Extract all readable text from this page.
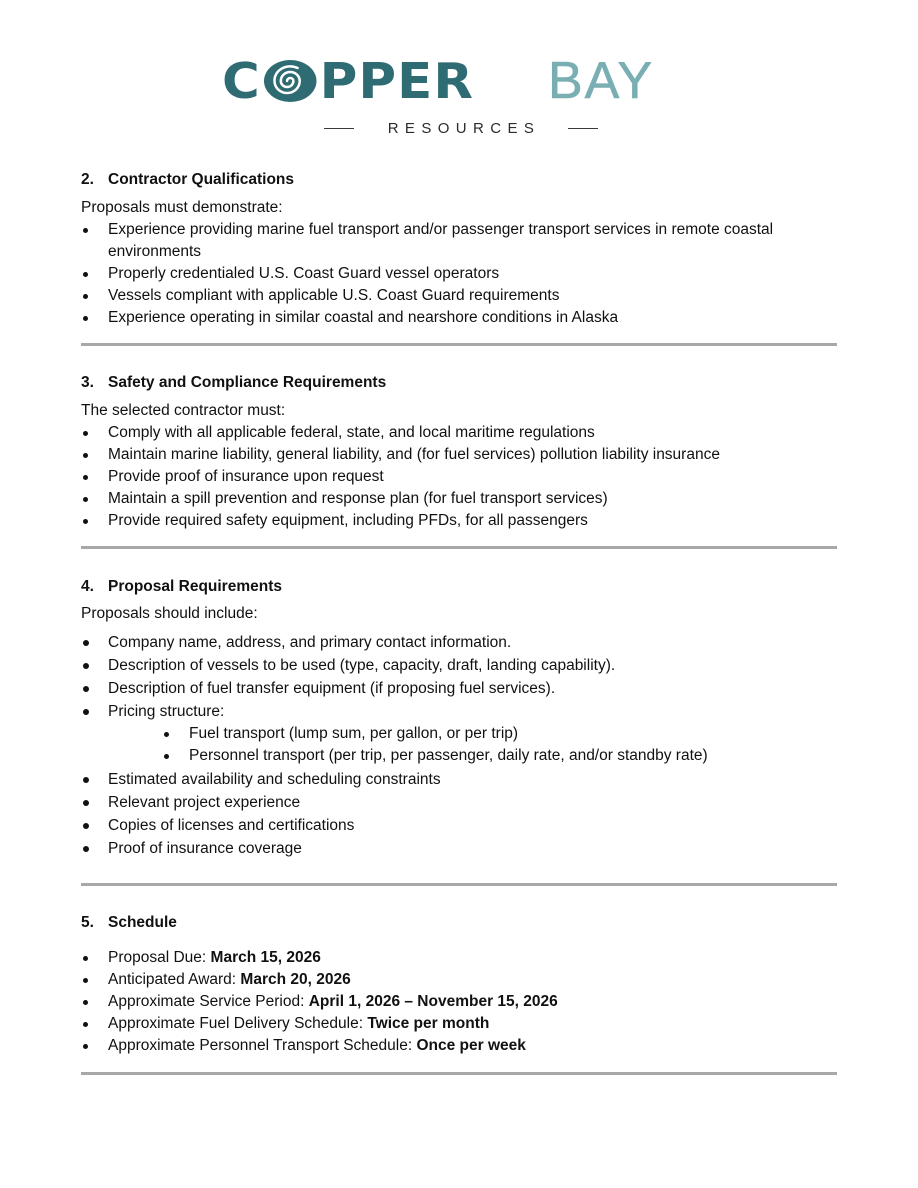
C PPER BAY
RESOURCES
2. Contractor Qualifications
Proposals must demonstrate:
Experience providing marine fuel transport and/or passenger transport services in remote coastal environments
Properly credentialed U.S. Coast Guard vessel operators
Vessels compliant with applicable U.S. Coast Guard requirements
Experience operating in similar coastal and nearshore conditions in Alaska
3. Safety and Compliance Requirements
The selected contractor must:
Comply with all applicable federal, state, and local maritime regulations
Maintain marine liability, general liability, and (for fuel services) pollution liability insurance
Provide proof of insurance upon request
Maintain a spill prevention and response plan (for fuel transport services)
Provide required safety equipment, including PFDs, for all passengers
4. Proposal Requirements
Proposals should include:
Company name, address, and primary contact information.
Description of vessels to be used (type, capacity, draft, landing capability).
Description of fuel transfer equipment (if proposing fuel services).
Pricing structure:
Fuel transport (lump sum, per gallon, or per trip)
Personnel transport (per trip, per passenger, daily rate, and/or standby rate)
Estimated availability and scheduling constraints
Relevant project experience
Copies of licenses and certifications
Proof of insurance coverage
5. Schedule
Proposal Due: March 15, 2026
Anticipated Award: March 20, 2026
Approximate Service Period: April 1, 2026 – November 15, 2026
Approximate Fuel Delivery Schedule: Twice per month
Approximate Personnel Transport Schedule: Once per week
